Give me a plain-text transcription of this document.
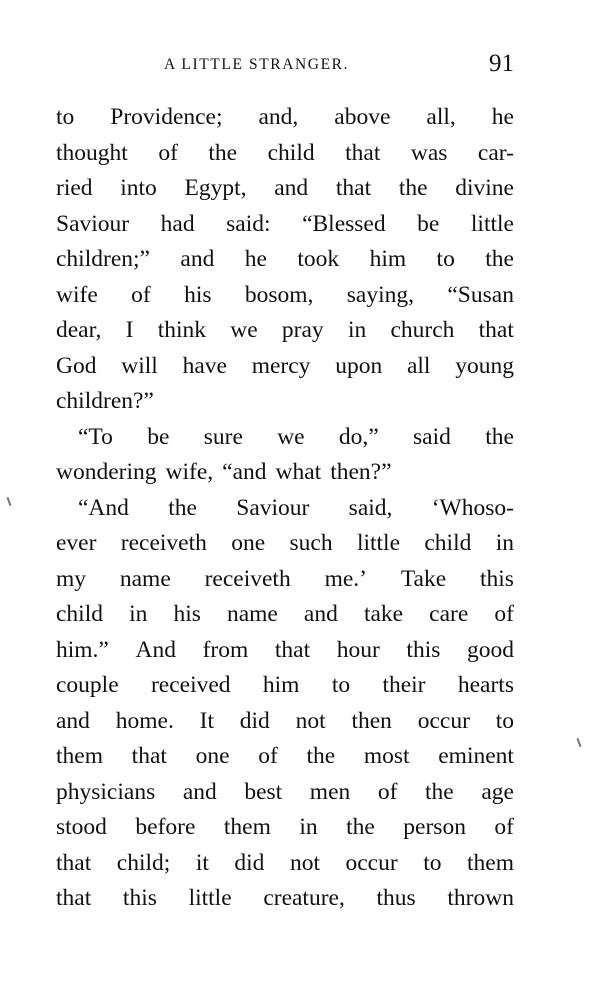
A LITTLE STRANGER.	91
to Providence; and, above all, he
thought of the child that was car-
ried into Egypt, and that the divine
Saviour had said: “Blessed be little
children;” and he took him to the
wife of his bosom, saying, “Susan
dear, I think we pray in church that
God will have mercy upon all young
children?”
“To be sure we do,” said the
wondering wife, “and what then?”
“And the Saviour said, ‘Whoso-
ever receiveth one such little child in
my name receiveth me.’ Take this
child in his name and take care of
him.” And from that hour this good
couple received him to their hearts
and home. It did not then occur to
them that one of the most eminent
physicians and best men of the age
stood before them in the person of
that child; it did not occur to them
that this little creature, thus thrown
